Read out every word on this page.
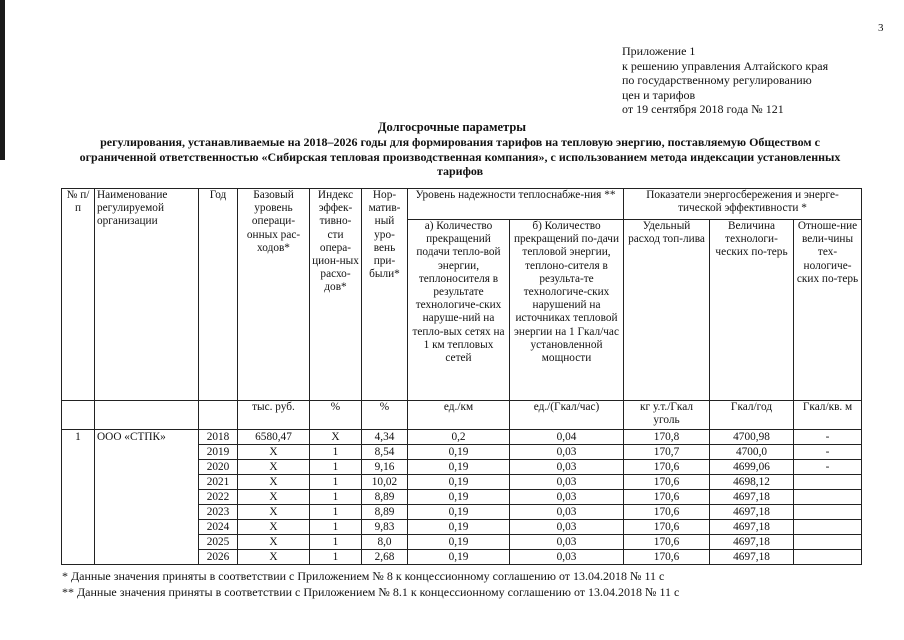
3
Приложение 1
к решению управления Алтайского края
по государственному регулированию
цен и тарифов
от 19 сентября 2018 года № 121
Долгосрочные параметры
регулирования, устанавливаемые на 2018–2026 годы для формирования тарифов на тепловую энергию, поставляемую Обществом с ограниченной ответственностью «Сибирская тепловая производственная компания», с использованием метода индексации установленных тарифов
№ п/п	Наименование регулируемой организации	Год	Базовый уровень операци-онных рас-ходов*	Индекс эффек-тивно-сти опера-цион-ных расхо-дов*	Нор-матив-ный уро-вень при-были*	Уровень надежности теплоснабже-ния **		Показатели энергосбережения и энерге-тической эффективности *		
						а) Количество прекращений подачи тепло-вой энергии, теплоносителя в результате технологиче-ских наруше-ний на тепло-вых сетях на 1 км тепловых сетей	б) Количество прекращений по-дачи тепловой энергии, теплоно-сителя в результа-те технологиче-ских нарушений на источниках тепловой энергии на 1 Гкал/час установленной мощности	Удельный расход топ-лива	Величина технологи-ческих по-терь	Отноше-ние вели-чины тех-нологиче-ских по-терь
			тыс. руб.	%	%	ед./км	ед./(Гкал/час)	кг у.т./Гкал уголь	Гкал/год	Гкал/кв. м
1	ООО «СТПК»	2018	6580,47	Х	4,34	0,2	0,04	170,8	4700,98	-
		2019	Х	1	8,54	0,19	0,03	170,7	4700,0	-
		2020	Х	1	9,16	0,19	0,03	170,6	4699,06	-
		2021	Х	1	10,02	0,19	0,03	170,6	4698,12	
		2022	Х	1	8,89	0,19	0,03	170,6	4697,18	
		2023	Х	1	8,89	0,19	0,03	170,6	4697,18	
		2024	Х	1	9,83	0,19	0,03	170,6	4697,18	
		2025	Х	1	8,0	0,19	0,03	170,6	4697,18	
		2026	Х	1	2,68	0,19	0,03	170,6	4697,18	
* Данные значения приняты в соответствии с Приложением № 8 к концессионному соглашению от 13.04.2018 № 11 с
** Данные значения приняты в соответствии с Приложением № 8.1 к концессионному соглашению от 13.04.2018 № 11 с
